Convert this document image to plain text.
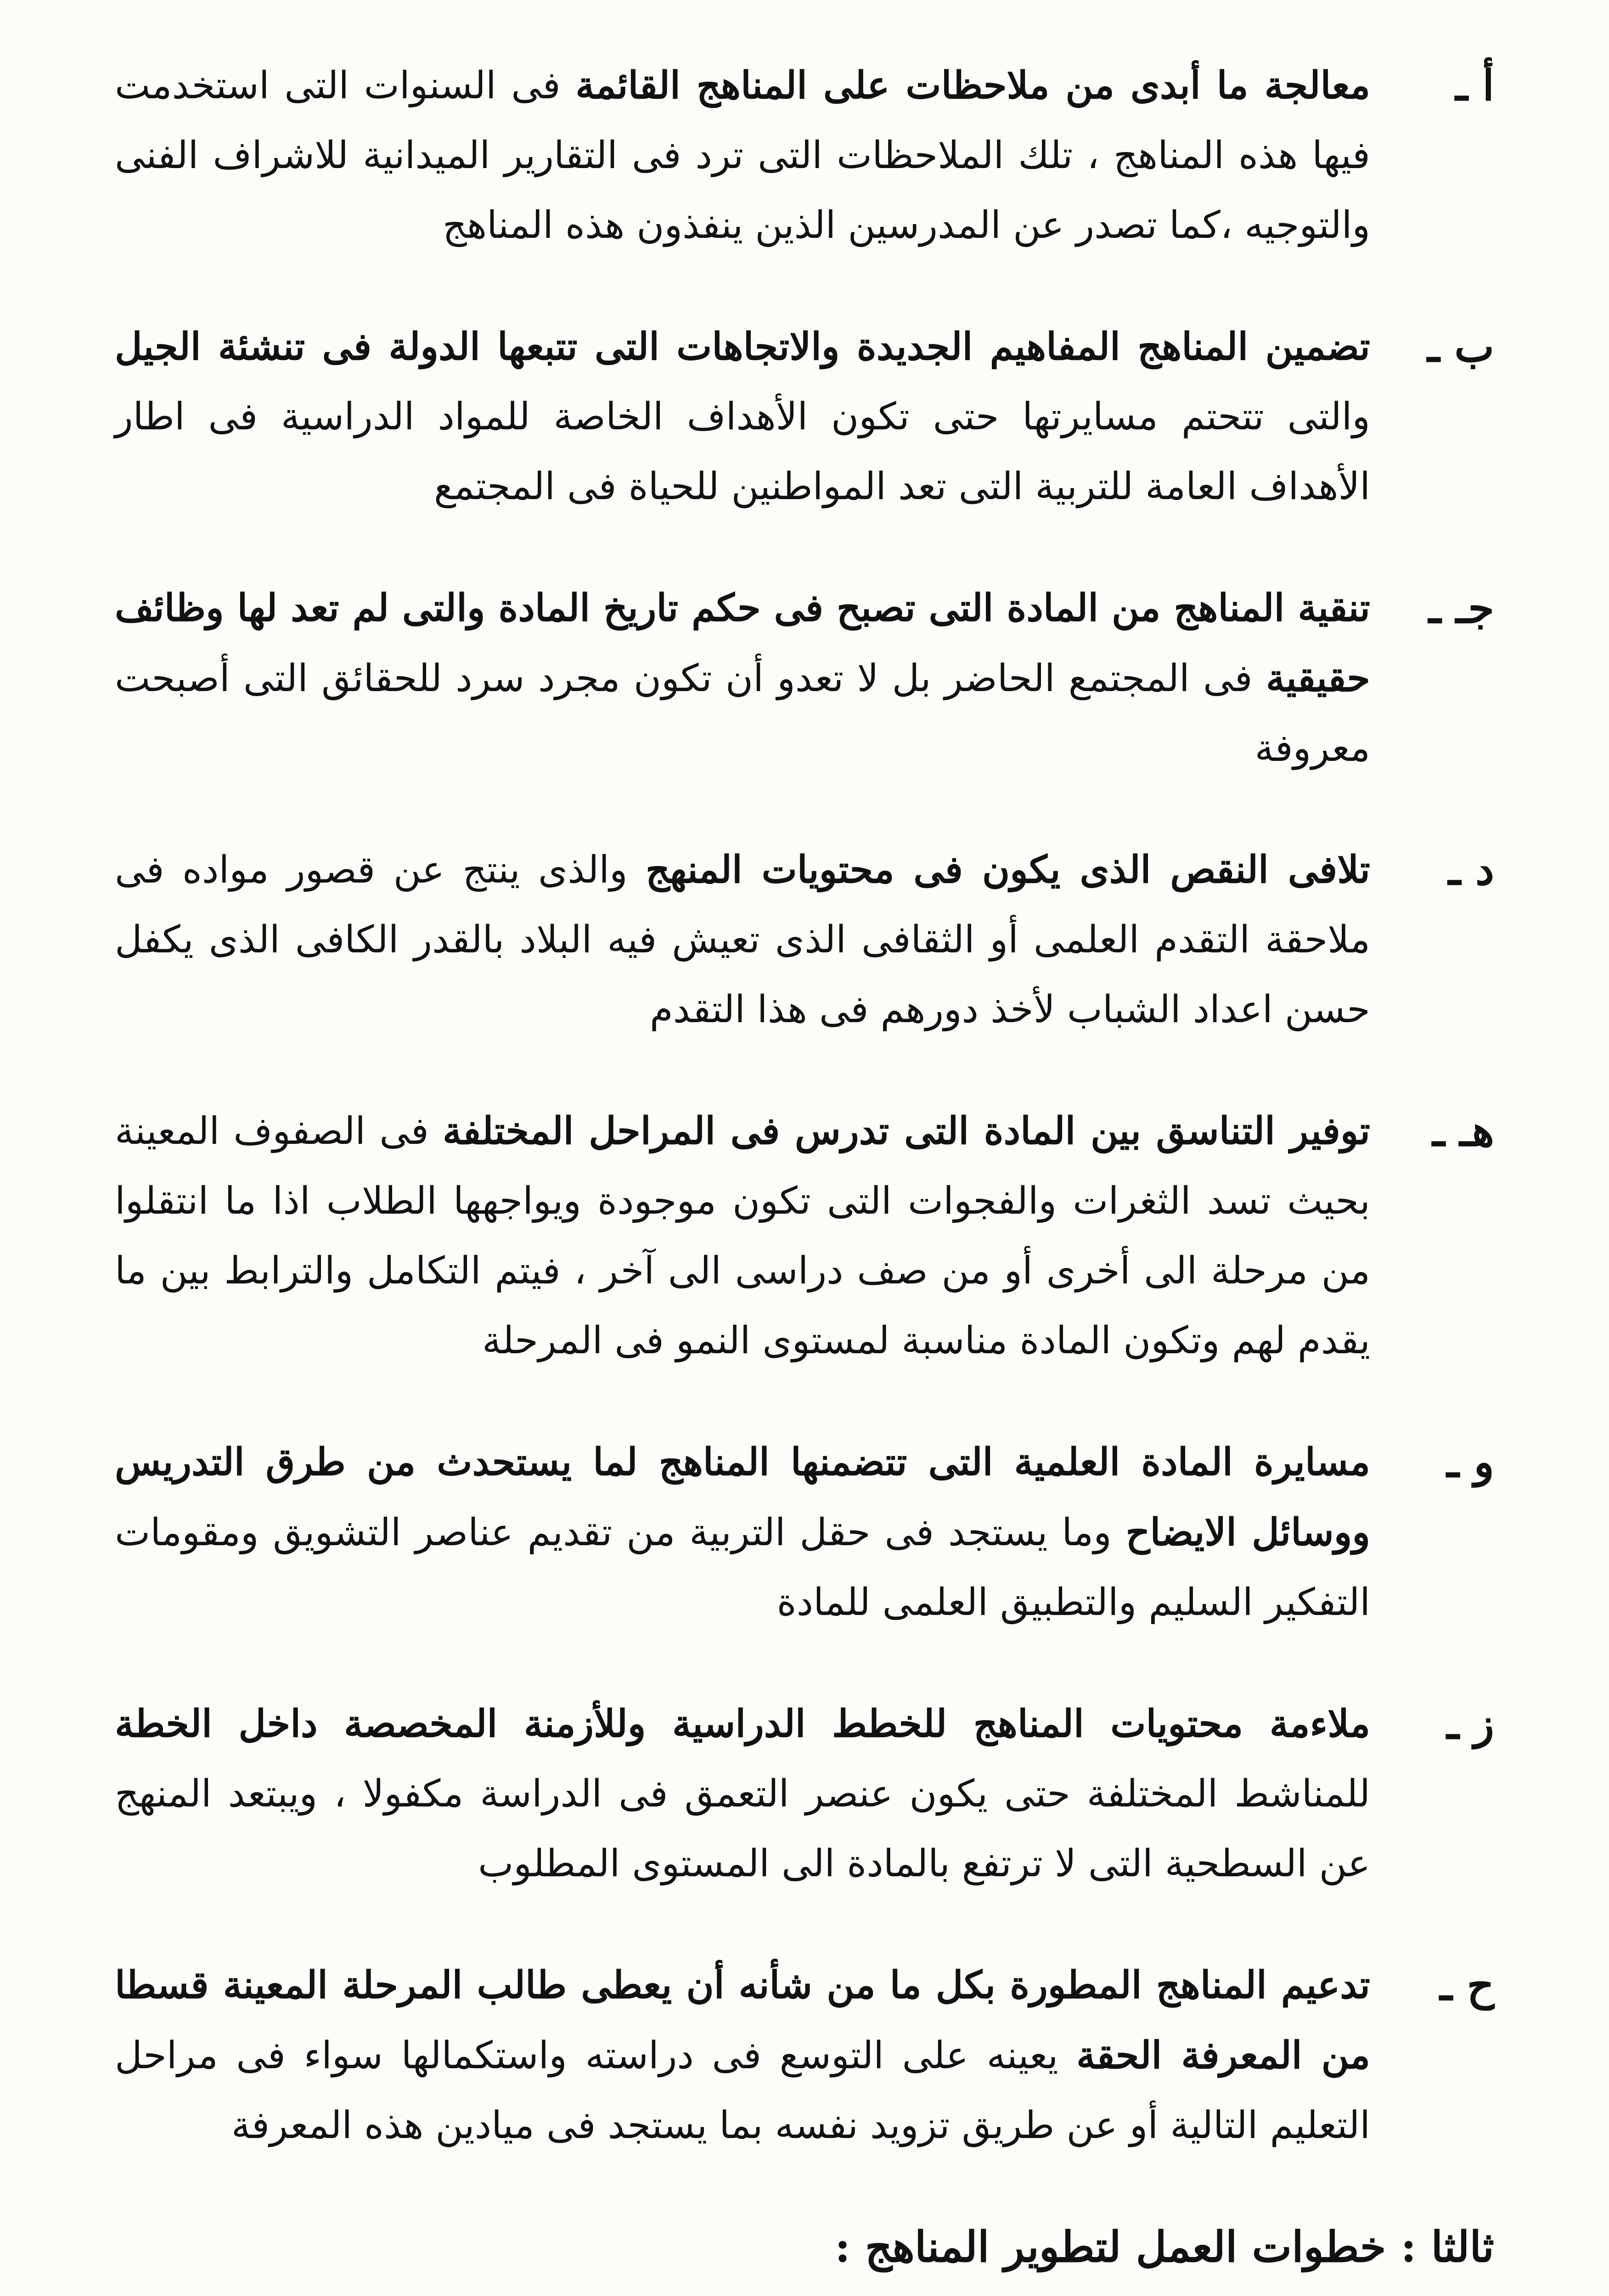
أ ـ

معالجة ما أبدى من ملاحظات على المناهج القائمة فى السنوات التى استخدمت فيها هذه المناهج ، تلك الملاحظات التى ترد فى التقارير الميدانية للاشراف الفنى والتوجيه ،كما تصدر عن المدرسين الذين ينفذون هذه المناهج

ب ـ

تضمين المناهج المفاهيم الجديدة والاتجاهات التى تتبعها الدولة فى تنشئة الجيل والتى تتحتم مسايرتها حتى تكون الأهداف الخاصة للمواد الدراسية فى اطار الأهداف العامة للتربية التى تعد المواطنين للحياة فى المجتمع

جـ ـ

تنقية المناهج من المادة التى تصبح فى حكم تاريخ المادة والتى لم تعد لها وظائف حقيقية فى المجتمع الحاضر بل لا تعدو أن تكون مجرد سرد للحقائق التى أصبحت معروفة

د ـ

تلافى النقص الذى يكون فى محتويات المنهج والذى ينتج عن قصور مواده فى ملاحقة التقدم العلمى أو الثقافى الذى تعيش فيه البلاد بالقدر الكافى الذى يكفل حسن اعداد الشباب لأخذ دورهم فى هذا التقدم

هـ ـ

توفير التناسق بين المادة التى تدرس فى المراحل المختلفة فى الصفوف المعينة بحيث تسد الثغرات والفجوات التى تكون موجودة ويواجهها الطلاب اذا ما انتقلوا من مرحلة الى أخرى أو من صف دراسى الى آخر ، فيتم التكامل والترابط بين ما يقدم لهم وتكون المادة مناسبة لمستوى النمو فى المرحلة

و ـ

مسايرة المادة العلمية التى تتضمنها المناهج لما يستحدث من طرق التدريس ووسائل الايضاح وما يستجد فى حقل التربية من تقديم عناصر التشويق ومقومات التفكير السليم والتطبيق العلمى للمادة

ز ـ

ملاءمة محتويات المناهج للخطط الدراسية وللأزمنة المخصصة داخل الخطة للمناشط المختلفة حتى يكون عنصر التعمق فى الدراسة مكفولا ، ويبتعد المنهج عن السطحية التى لا ترتفع بالمادة الى المستوى المطلوب

ح ـ

تدعيم المناهج المطورة بكل ما من شأنه أن يعطى طالب المرحلة المعينة قسطا من المعرفة الحقة يعينه على التوسع فى دراسته واستكمالها سواء فى مراحل التعليم التالية أو عن طريق تزويد نفسه بما يستجد فى ميادين هذه المعرفة

ثالثا : خطوات العمل لتطوير المناهج :
